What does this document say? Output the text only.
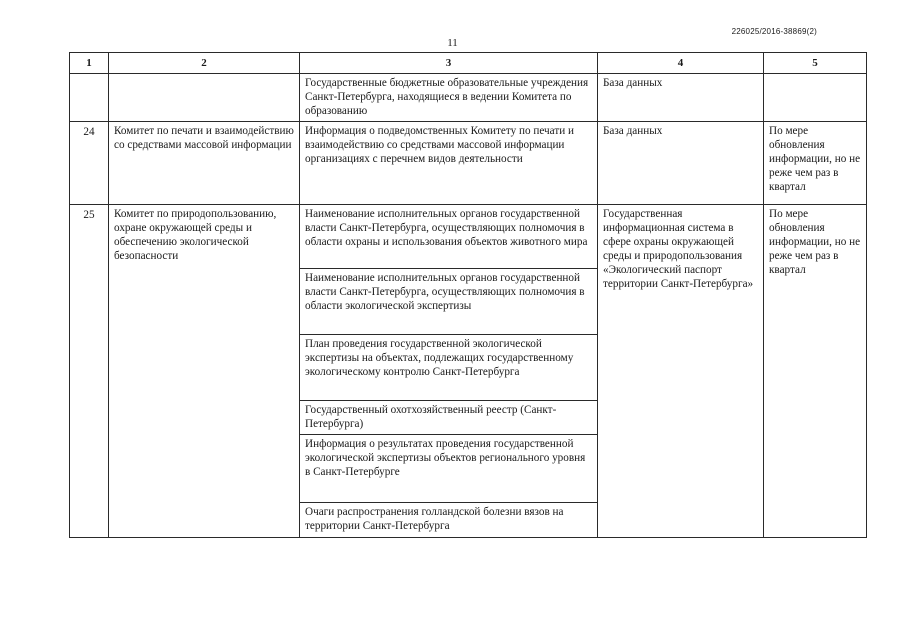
226025/2016-38869(2)
11
1	2	3	4	5
		Государственные бюджетные образовательные учреждения Санкт-Петербурга, находящиеся в ведении Комитета по образованию	База данных	
24	Комитет по печати и взаимодействию со средствами массовой информации	Информация о подведомственных Комитету по печати и взаимодействию со средствами массовой информации организациях с перечнем видов деятельности	База данных	По мере обновления информации, но не реже чем раз в квартал
25	Комитет по природопользованию, охране окружающей среды и обеспечению экологической безопасности	Наименование исполнительных органов государственной власти Санкт-Петербурга, осуществляющих полномочия в области охраны и использования объектов животного мира	Государственная информационная система в сфере охраны окружающей среды и природопользования «Экологический паспорт территории Санкт-Петербурга»	По мере обновления информации, но не реже чем раз в квартал
		Наименование исполнительных органов государственной власти Санкт-Петербурга, осуществляющих полномочия в области экологической экспертизы		
		План проведения государственной экологической экспертизы на объектах, подлежащих государственному экологическому контролю Санкт-Петербурга		
		Государственный охотхозяйственный реестр (Санкт-Петербурга)		
		Информация о результатах проведения государственной экологической экспертизы объектов регионального уровня в Санкт-Петербурге		
		Очаги распространения голландской болезни вязов на территории Санкт-Петербурга		
